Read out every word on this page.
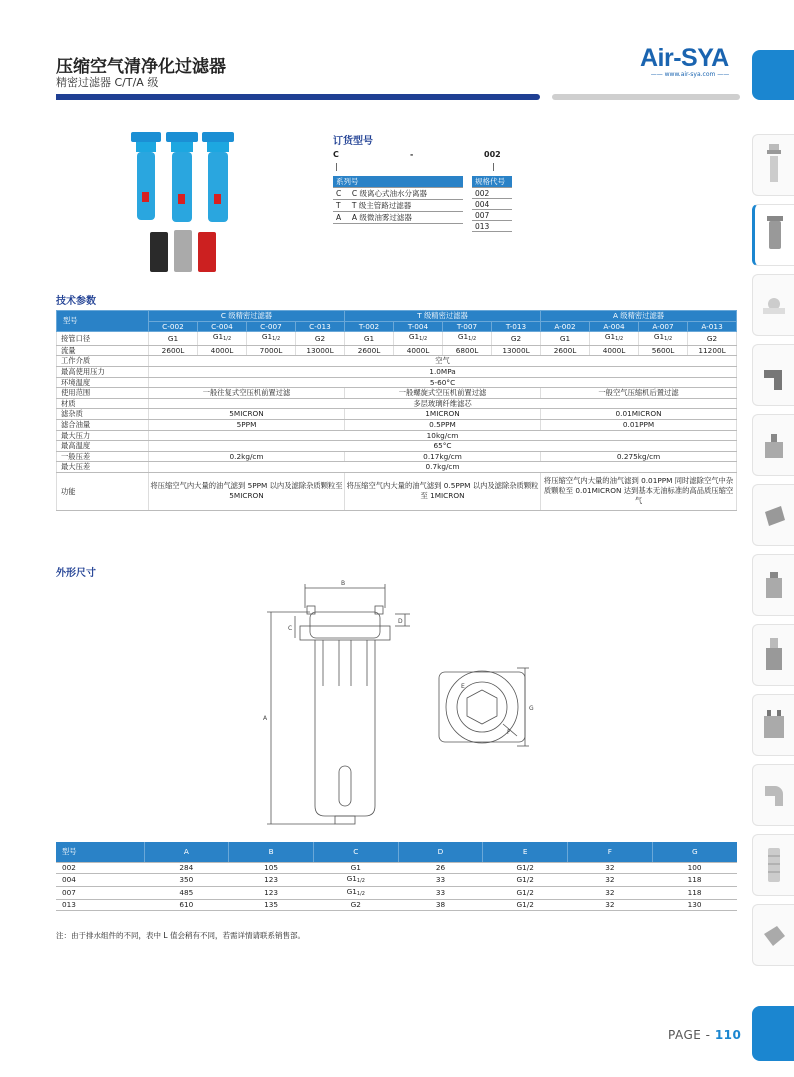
压缩空气清净化过滤器
精密过滤器 C/T/A 级
Air-SYA
—— www.air-sya.com ——
订货型号
C	-	002
|	|
系列号	
C	C 级离心式油水分离器
T	T 级主管路过滤器
A	A 级微油雾过滤器
规格代号
002
004
007
013
技术参数
型号	C 级精密过滤器				T 级精密过滤器				A 级精密过滤器			
	C-002	C-004	C-007	C-013	T-002	T-004	T-007	T-013	A-002	A-004	A-007	A-013
接管口径	G1	$G1_{1/2}$	$G1_{1/2}$	G2	G1	$G1_{1/2}$	$G1_{1/2}$	G2	G1	$G1_{1/2}$	$G1_{1/2}$	G2
流量	2600L	4000L	7000L	13000L	2600L	4000L	6800L	13000L	2600L	4000L	5600L	11200L
工作介质	空气											
最高使用压力	1.0MPa											
环境温度	5-60°C											
使用范围	一般往复式空压机前置过滤				一般螺旋式空压机前置过滤				一般空气压缩机后置过滤			
材质	多层玻璃纤维滤芯											
滤杂质	5MICRON				1MICRON				0.01MICRON			
滤合油量	5PPM				0.5PPM				0.01PPM			
最大压力	10kg/cm											
最高温度	65°C											
一般压差	0.2kg/cm				0.17kg/cm				0.275kg/cm			
最大压差	0.7kg/cm											
功能	将压缩空气内大量的油气滤到 5PPM 以内及滤除杂质颗粒至 5MICRON				将压缩空气内大量的油气滤到 0.5PPM 以内及滤除杂质颗粒至 1MICRON				将压缩空气内大量的油气滤到 0.01PPM 同时滤除空气中杂质颗粒至 0.01MICRON 达到基本无油标准的高品质压缩空气			
外形尺寸
B
A
C
D
E
F
G
型号	A	B	C	D	E	F	G
002	284	105	G1	26	G1/2	32	100
004	350	123	$G1_{1/2}$	33	G1/2	32	118
007	485	123	$G1_{1/2}$	33	G1/2	32	118
013	610	135	G2	38	G1/2	32	130
注：由于排水组件的不同，表中 L 值会稍有不同，若需详情请联系销售部。
PAGE - 110
